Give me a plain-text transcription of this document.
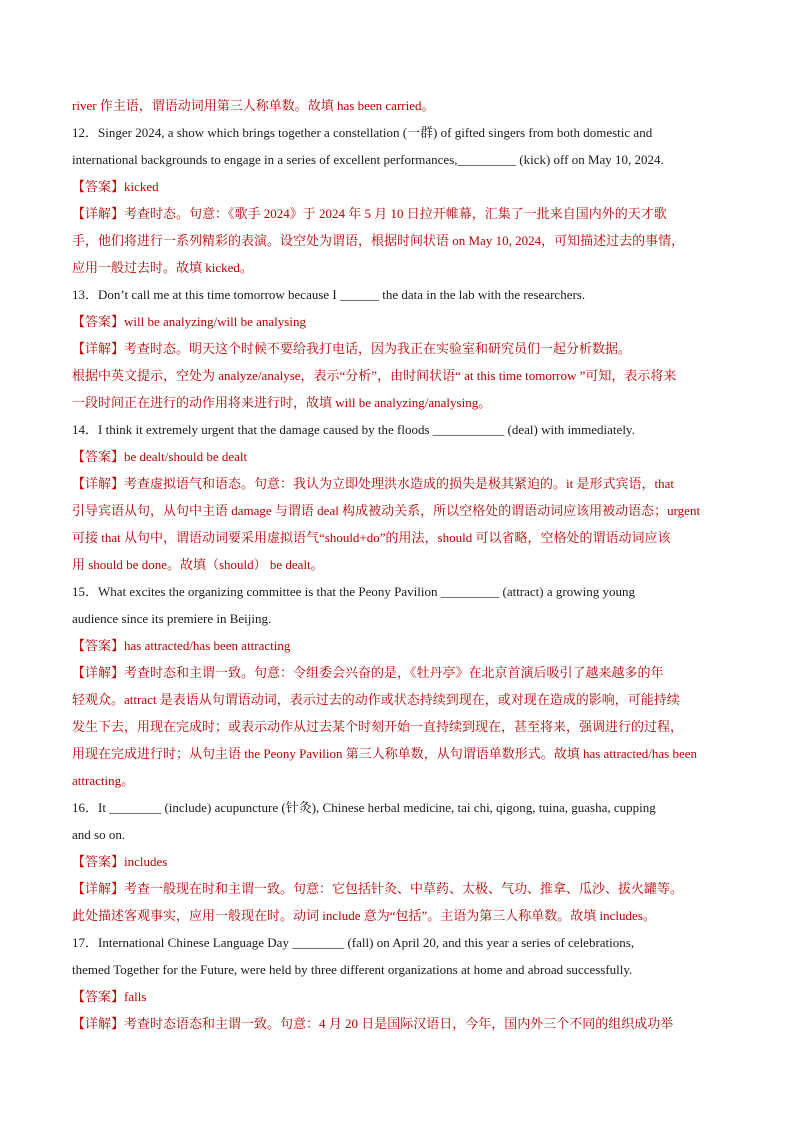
river 作主语，谓语动词用第三人称单数。故填 has been carried。
12．Singer 2024, a show which brings together a constellation (一群) of gifted singers from both domestic and
international backgrounds to engage in a series of excellent performances,_________ (kick) off on May 10, 2024.
【答案】kicked
【详解】考查时态。句意：《歌手 2024》于 2024 年 5 月 10 日拉开帷幕，汇集了一批来自国内外的天才歌
手，他们将进行一系列精彩的表演。设空处为谓语，根据时间状语 on May 10, 2024，可知描述过去的事情，
应用一般过去时。故填 kicked。
13．Don’t call me at this time tomorrow because I ______ the data in the lab with the researchers.
【答案】will be analyzing/will be analysing
【详解】考查时态。明天这个时候不要给我打电话，因为我正在实验室和研究员们一起分析数据。
根据中英文提示，空处为 analyze/analyse，表示“分析”，由时间状语“ at this time tomorrow ”可知，表示将来
一段时间正在进行的动作用将来进行时，故填 will be analyzing/analysing。
14．I think it extremely urgent that the damage caused by the floods ___________ (deal) with immediately.
【答案】be dealt/should be dealt
【详解】考查虚拟语气和语态。句意：我认为立即处理洪水造成的损失是极其紧迫的。it 是形式宾语，that
引导宾语从句，从句中主语 damage 与谓语 deal 构成被动关系，所以空格处的谓语动词应该用被动语态；urgent
可接 that 从句中，谓语动词要采用虚拟语气“should+do”的用法，should 可以省略，空格处的谓语动词应该
用 should be done。故填（should） be dealt。
15．What excites the organizing committee is that the Peony Pavilion _________ (attract) a growing young
audience since its premiere in Beijing.
【答案】has attracted/has been attracting
【详解】考查时态和主谓一致。句意：令组委会兴奋的是，《牡丹亭》在北京首演后吸引了越来越多的年
轻观众。attract 是表语从句谓语动词，表示过去的动作或状态持续到现在，或对现在造成的影响，可能持续
发生下去，用现在完成时；或表示动作从过去某个时刻开始一直持续到现在，甚至将来，强调进行的过程，
用现在完成进行时；从句主语 the Peony Pavilion 第三人称单数，从句谓语单数形式。故填 has attracted/has been
attracting。
16．It ________ (include) acupuncture (针灸), Chinese herbal medicine, tai chi, qigong, tuina, guasha, cupping
and so on.
【答案】includes
【详解】考查一般现在时和主谓一致。句意：它包括针灸、中草药、太极、气功、推拿、瓜沙、拔火罐等。
此处描述客观事实，应用一般现在时。动词 include 意为“包括”。主语为第三人称单数。故填 includes。
17．International Chinese Language Day ________ (fall) on April 20, and this year a series of celebrations,
themed Together for the Future, were held by three different organizations at home and abroad successfully.
【答案】falls
【详解】考查时态语态和主谓一致。句意：4 月 20 日是国际汉语日，今年，国内外三个不同的组织成功举
